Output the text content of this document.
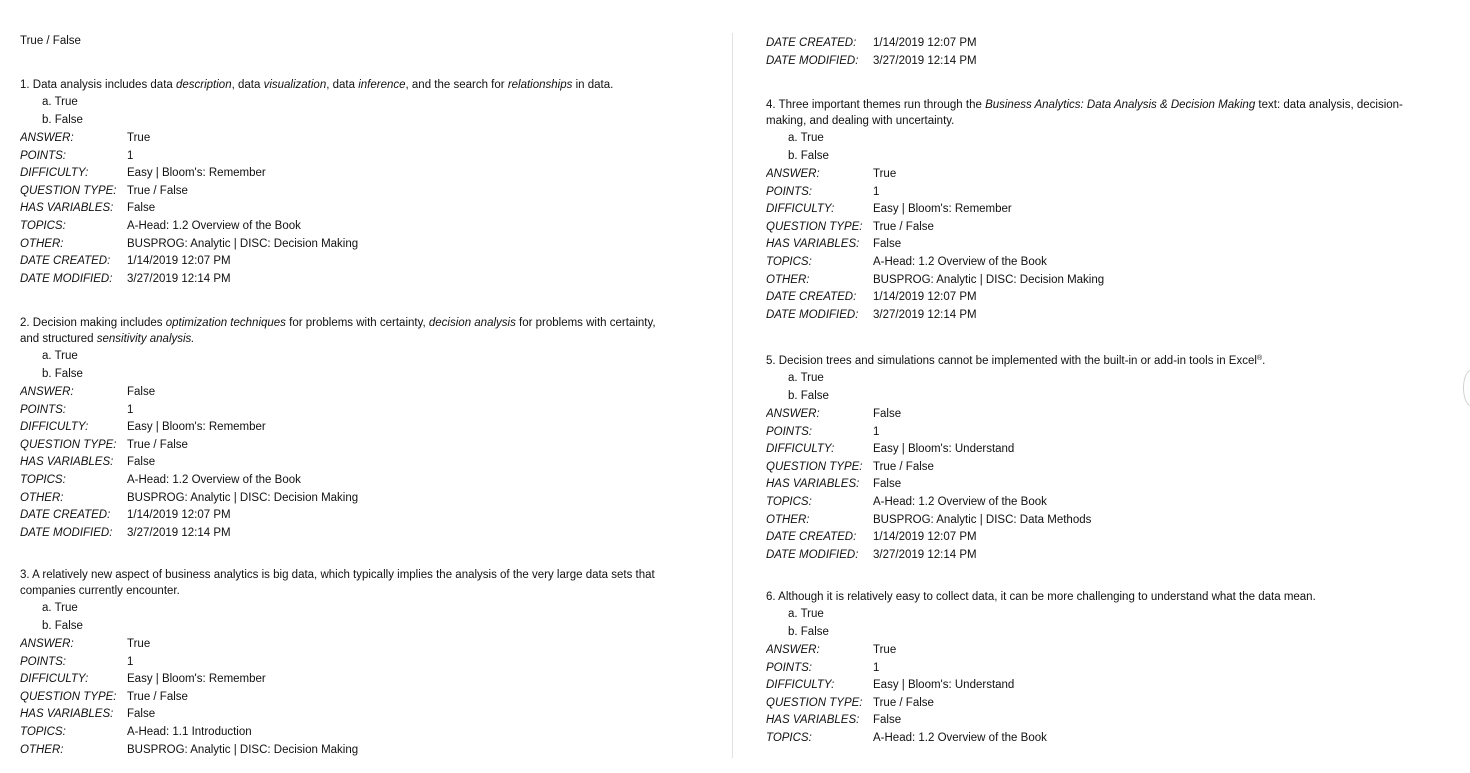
True / False
1. Data analysis includes data description, data visualization, data inference, and the search for relationships in data.
a. True
b. False
ANSWER:	True
POINTS:	1
DIFFICULTY:	Easy | Bloom's: Remember
QUESTION TYPE: True / False
HAS VARIABLES:	False
TOPICS:	A-Head: 1.2 Overview of the Book
OTHER:	BUSPROG: Analytic | DISC: Decision Making
DATE CREATED:	1/14/2019 12:07 PM
DATE MODIFIED:	3/27/2019 12:14 PM
2. Decision making includes optimization techniques for problems with certainty, decision analysis for problems with certainty,
and structured sensitivity analysis.
a. True
b. False
ANSWER:	False
POINTS:	1
DIFFICULTY:	Easy | Bloom's: Remember
QUESTION TYPE: True / False
HAS VARIABLES:	False
TOPICS:	A-Head: 1.2 Overview of the Book
OTHER:	BUSPROG: Analytic | DISC: Decision Making
DATE CREATED:	1/14/2019 12:07 PM
DATE MODIFIED:	3/27/2019 12:14 PM
3. A relatively new aspect of business analytics is big data, which typically implies the analysis of the very large data sets that
companies currently encounter.
a. True
b. False
ANSWER:	True
POINTS:	1
DIFFICULTY:	Easy | Bloom's: Remember
QUESTION TYPE: True / False
HAS VARIABLES:	False
TOPICS:	A-Head: 1.1 Introduction
OTHER:	BUSPROG: Analytic | DISC: Decision Making
DATE CREATED:	1/14/2019 12:07 PM
DATE MODIFIED:	3/27/2019 12:14 PM
4. Three important themes run through the Business Analytics: Data Analysis & Decision Making text: data analysis, decision-
making, and dealing with uncertainty.
a. True
b. False
ANSWER:	True
POINTS:	1
DIFFICULTY:	Easy | Bloom's: Remember
QUESTION TYPE: True / False
HAS VARIABLES:	False
TOPICS:	A-Head: 1.2 Overview of the Book
OTHER:	BUSPROG: Analytic | DISC: Decision Making
DATE CREATED:	1/14/2019 12:07 PM
DATE MODIFIED:	3/27/2019 12:14 PM
5. Decision trees and simulations cannot be implemented with the built-in or add-in tools in Excel®.
a. True
b. False
ANSWER:	False
POINTS:	1
DIFFICULTY:	Easy | Bloom's: Understand
QUESTION TYPE: True / False
HAS VARIABLES:	False
TOPICS:	A-Head: 1.2 Overview of the Book
OTHER:	BUSPROG: Analytic | DISC: Data Methods
DATE CREATED:	1/14/2019 12:07 PM
DATE MODIFIED:	3/27/2019 12:14 PM
6. Although it is relatively easy to collect data, it can be more challenging to understand what the data mean.
a. True
b. False
ANSWER:	True
POINTS:	1
DIFFICULTY:	Easy | Bloom's: Understand
QUESTION TYPE: True / False
HAS VARIABLES:	False
TOPICS:	A-Head: 1.2 Overview of the Book
